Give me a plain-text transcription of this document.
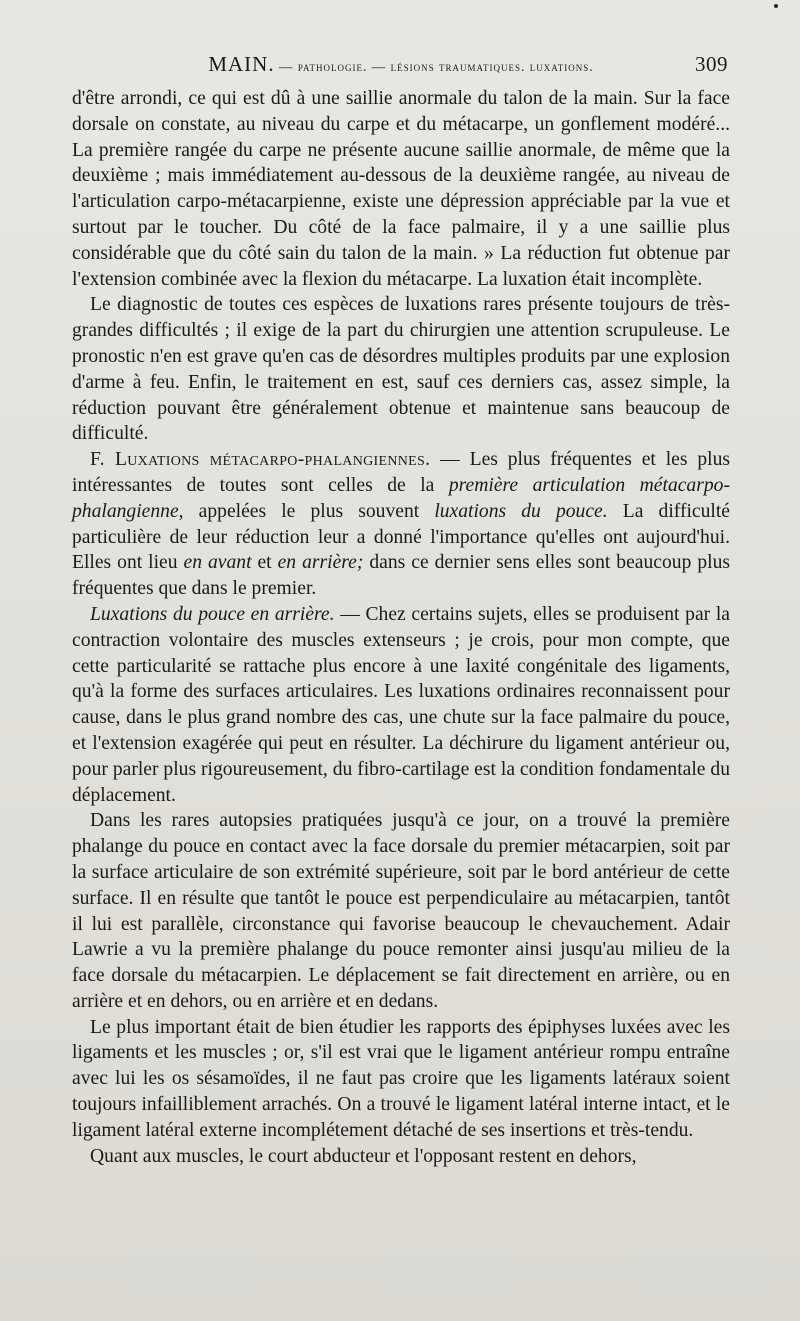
MAIN. — pathologie. — lésions traumatiques. luxations.	309

d'être arrondi, ce qui est dû à une saillie anormale du talon de la main. Sur la face dorsale on constate, au niveau du carpe et du métacarpe, un gonflement modéré... La première rangée du carpe ne présente aucune saillie anormale, de même que la deuxième ; mais immédiatement au-dessous de la deuxième rangée, au niveau de l'articulation carpo-métacarpienne, existe une dépression appréciable par la vue et surtout par le toucher. Du côté de la face palmaire, il y a une saillie plus considérable que du côté sain du talon de la main. » La réduction fut obtenue par l'extension combinée avec la flexion du métacarpe. La luxation était incomplète.

Le diagnostic de toutes ces espèces de luxations rares présente toujours de très-grandes difficultés ; il exige de la part du chirurgien une attention scrupuleuse. Le pronostic n'en est grave qu'en cas de désordres multiples produits par une explosion d'arme à feu. Enfin, le traitement en est, sauf ces derniers cas, assez simple, la réduction pouvant être généralement obtenue et maintenue sans beaucoup de difficulté.

F. Luxations métacarpo-phalangiennes. — Les plus fréquentes et les plus intéressantes de toutes sont celles de la première articulation métacarpo-phalangienne, appelées le plus souvent luxations du pouce. La difficulté particulière de leur réduction leur a donné l'importance qu'elles ont aujourd'hui. Elles ont lieu en avant et en arrière; dans ce dernier sens elles sont beaucoup plus fréquentes que dans le premier.

Luxations du pouce en arrière. — Chez certains sujets, elles se produisent par la contraction volontaire des muscles extenseurs ; je crois, pour mon compte, que cette particularité se rattache plus encore à une laxité congénitale des ligaments, qu'à la forme des surfaces articulaires. Les luxations ordinaires reconnaissent pour cause, dans le plus grand nombre des cas, une chute sur la face palmaire du pouce, et l'extension exagérée qui peut en résulter. La déchirure du ligament antérieur ou, pour parler plus rigoureusement, du fibro-cartilage est la condition fondamentale du déplacement.

Dans les rares autopsies pratiquées jusqu'à ce jour, on a trouvé la première phalange du pouce en contact avec la face dorsale du premier métacarpien, soit par la surface articulaire de son extrémité supérieure, soit par le bord antérieur de cette surface. Il en résulte que tantôt le pouce est perpendiculaire au métacarpien, tantôt il lui est parallèle, circonstance qui favorise beaucoup le chevauchement. Adair Lawrie a vu la première phalange du pouce remonter ainsi jusqu'au milieu de la face dorsale du métacarpien. Le déplacement se fait directement en arrière, ou en arrière et en dehors, ou en arrière et en dedans.

Le plus important était de bien étudier les rapports des épiphyses luxées avec les ligaments et les muscles ; or, s'il est vrai que le ligament antérieur rompu entraîne avec lui les os sésamoïdes, il ne faut pas croire que les ligaments latéraux soient toujours infailliblement arrachés. On a trouvé le ligament latéral interne intact, et le ligament latéral externe incomplétement détaché de ses insertions et très-tendu.

Quant aux muscles, le court abducteur et l'opposant restent en dehors,
